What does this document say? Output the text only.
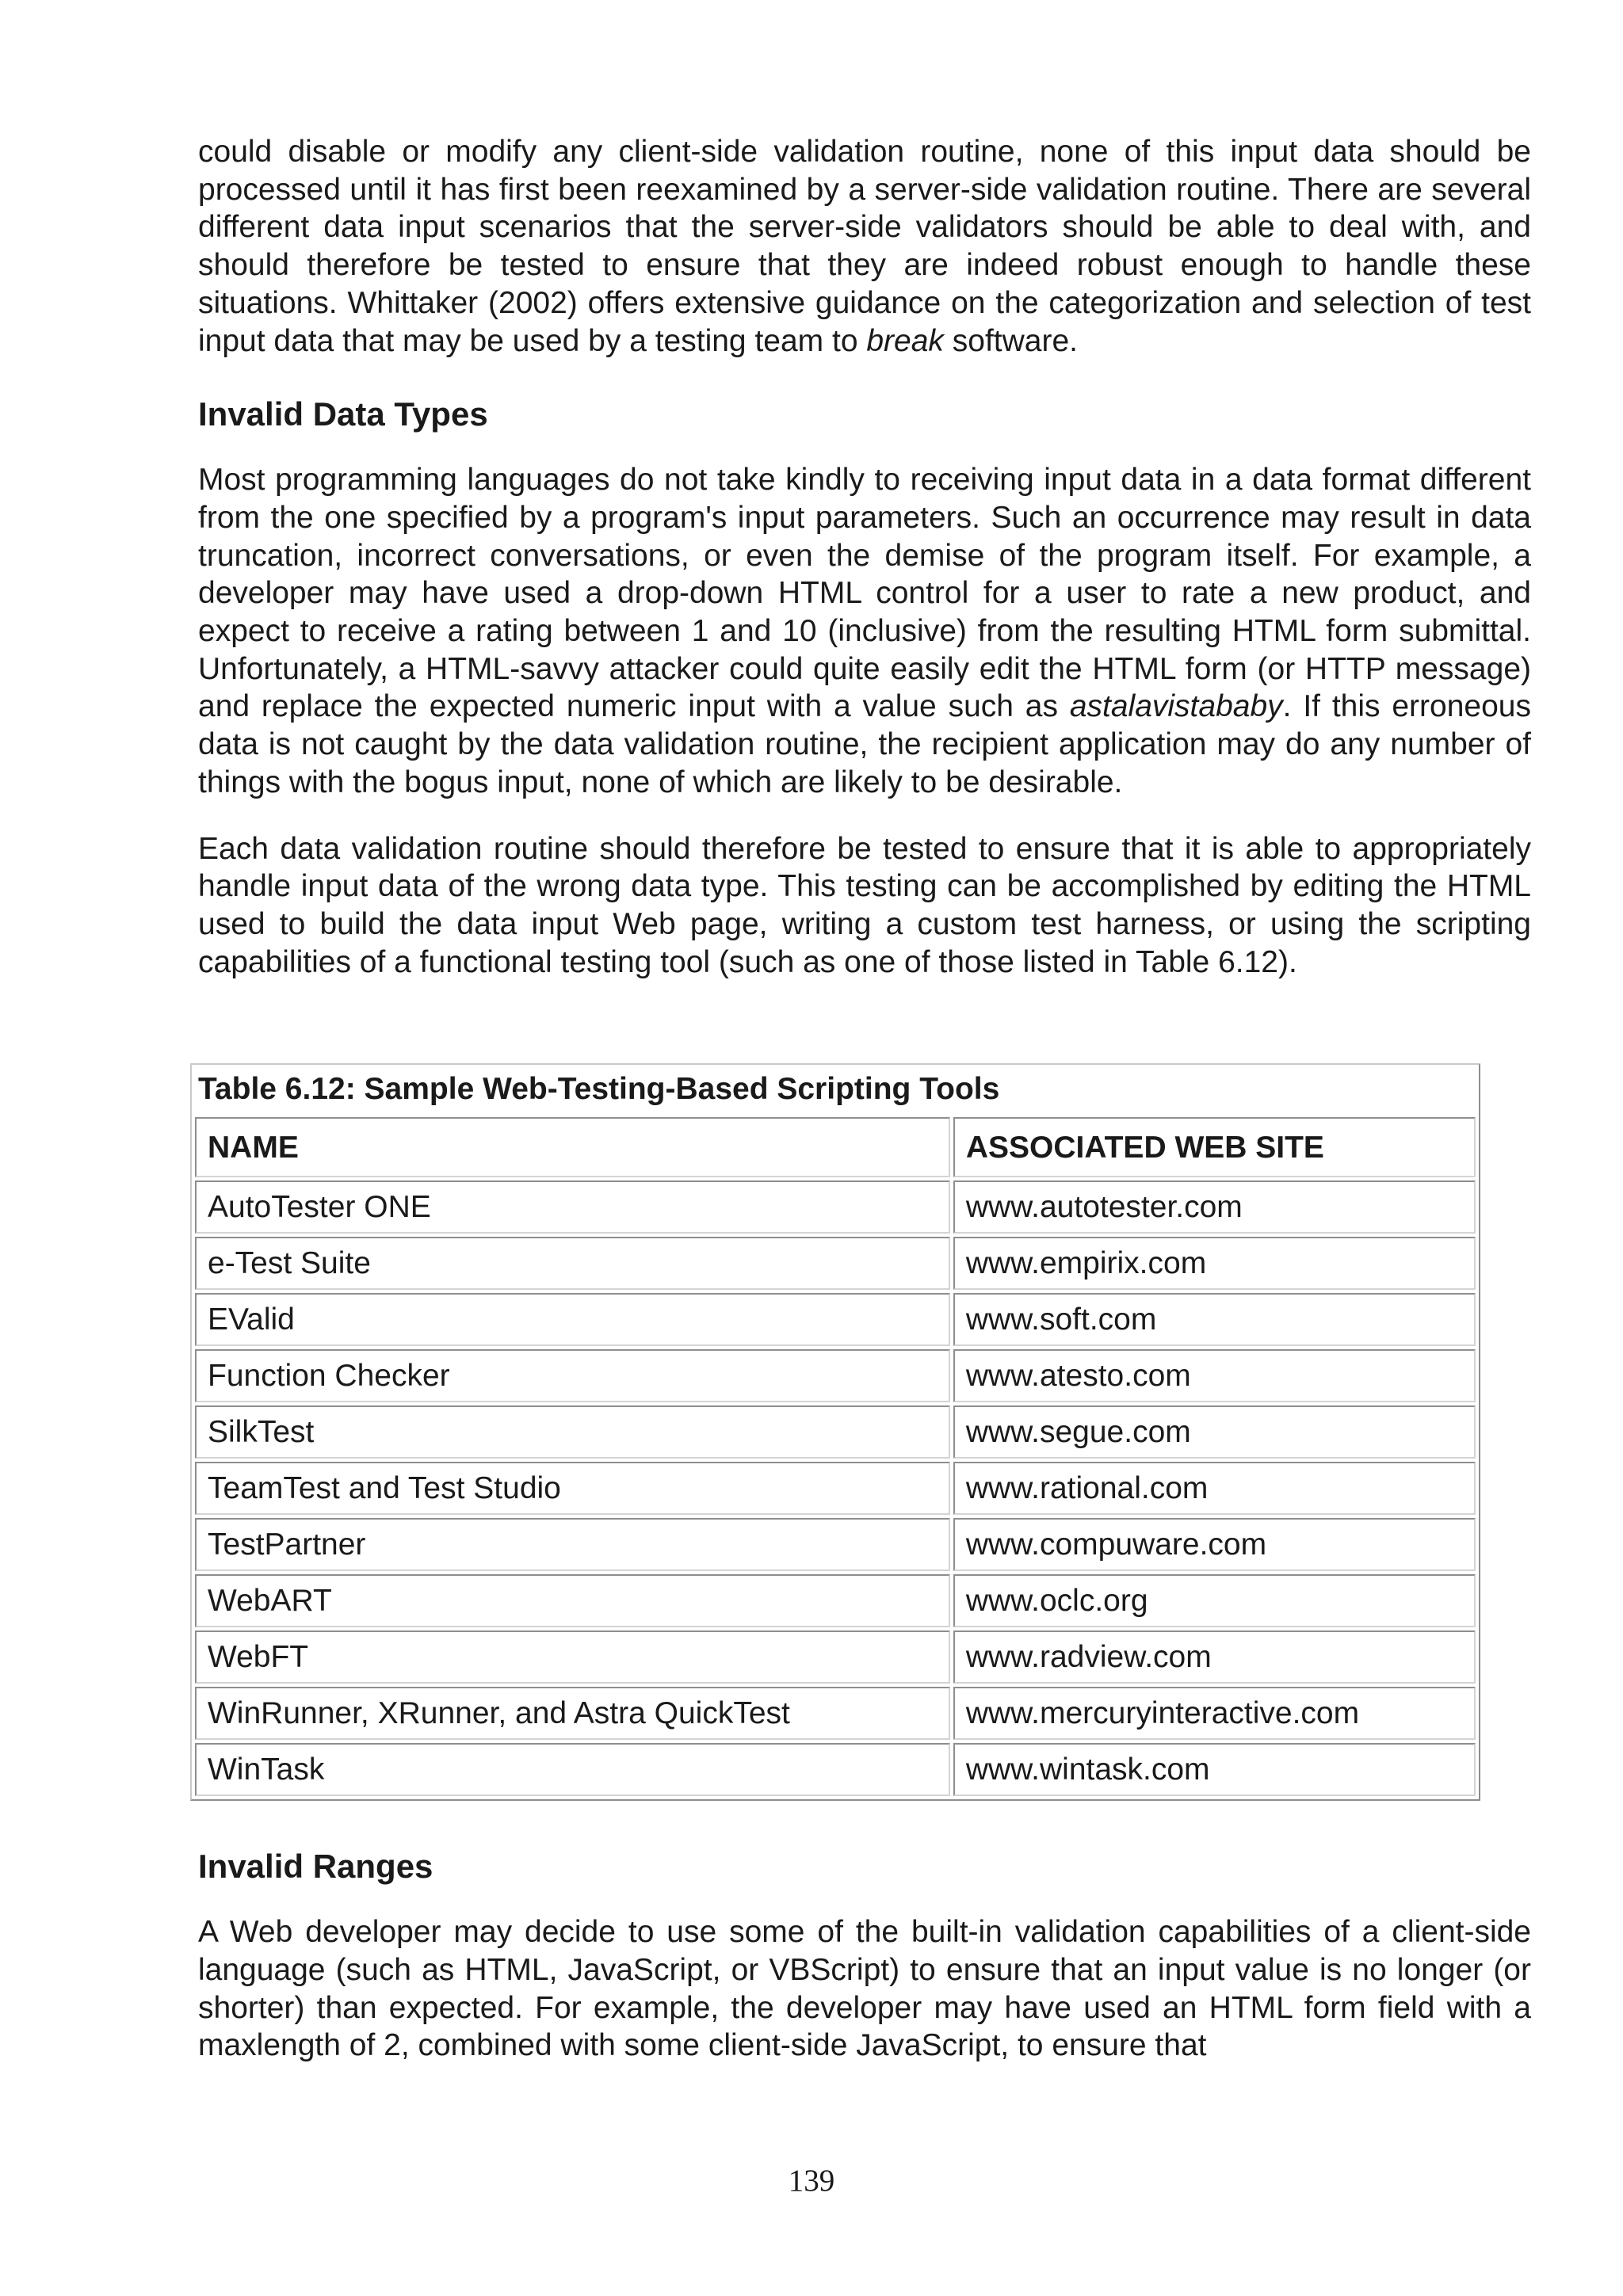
could disable or modify any client-side validation routine, none of this input data should be processed until it has first been reexamined by a server-side validation routine. There are several different data input scenarios that the server-side validators should be able to deal with, and should therefore be tested to ensure that they are indeed robust enough to handle these situations. Whittaker (2002) offers extensive guidance on the categorization and selection of test input data that may be used by a testing team to break software.

Invalid Data Types

Most programming languages do not take kindly to receiving input data in a data format different from the one specified by a program's input parameters. Such an occurrence may result in data truncation, incorrect conversations, or even the demise of the program itself. For example, a developer may have used a drop-down HTML control for a user to rate a new product, and expect to receive a rating between 1 and 10 (inclusive) from the resulting HTML form submittal. Unfortunately, a HTML-savvy attacker could quite easily edit the HTML form (or HTTP message) and replace the expected numeric input with a value such as astalavistababy. If this erroneous data is not caught by the data validation routine, the recipient application may do any number of things with the bogus input, none of which are likely to be desirable.

Each data validation routine should therefore be tested to ensure that it is able to appropriately handle input data of the wrong data type. This testing can be accomplished by editing the HTML used to build the data input Web page, writing a custom test harness, or using the scripting capabilities of a functional testing tool (such as one of those listed in Table 6.12).

Table 6.12: Sample Web-Testing-Based Scripting Tools
NAME	ASSOCIATED WEB SITE
AutoTester ONE	www.autotester.com
e-Test Suite	www.empirix.com
EValid	www.soft.com
Function Checker	www.atesto.com
SilkTest	www.segue.com
TeamTest and Test Studio	www.rational.com
TestPartner	www.compuware.com
WebART	www.oclc.org
WebFT	www.radview.com
WinRunner, XRunner, and Astra QuickTest	www.mercuryinteractive.com
WinTask	www.wintask.com
Invalid Ranges

A Web developer may decide to use some of the built-in validation capabilities of a client-side language (such as HTML, JavaScript, or VBScript) to ensure that an input value is no longer (or shorter) than expected. For example, the developer may have used an HTML form field with a maxlength of 2, combined with some client-side JavaScript, to ensure that

139
